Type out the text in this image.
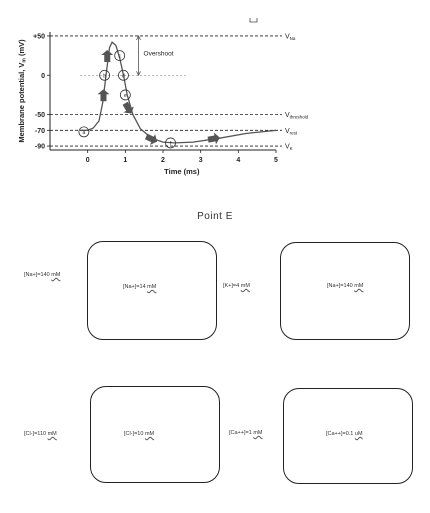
$V_{Na}$
$V_{threshold}$
$V_{rest}$
$V_K$
+50
0
-50
-70
-90
0	1	2	3	4	5
Time (ms)
Membrane potential, $V_m$ (mV)	Overshoot
a
b
c
d
e
f
Point E
[Na+]=140 mM
[Na+]=14 mM	[K+]=4 mM	[Na+]=140 mM
[Cl-]=110 mM	[Cl-]=10 mM	[Ca++]=1 mM	[Ca++]=0.1 uM
